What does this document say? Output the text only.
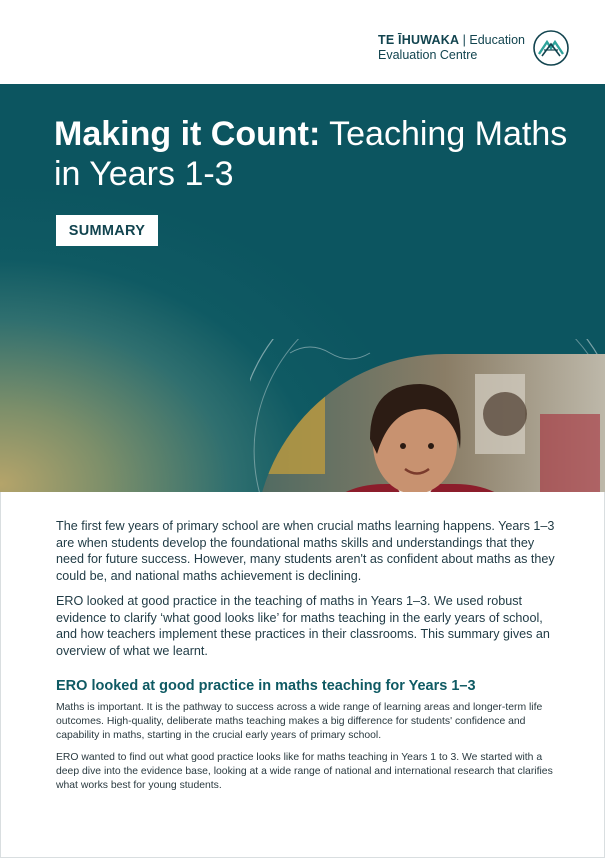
TE ĪHUWAKA | Education
Evaluation Centre
Making it Count: Teaching Maths in Years 1-3
SUMMARY

The first few years of primary school are when crucial maths learning happens. Years 1–3 are when students develop the foundational maths skills and understandings that they need for future success. However, many students aren't as confident about maths as they could be, and national maths achievement is declining.

ERO looked at good practice in the teaching of maths in Years 1–3. We used robust evidence to clarify ‘what good looks like’ for maths teaching in the early years of school, and how teachers implement these practices in their classrooms. This summary gives an overview of what we learnt.

ERO looked at good practice in maths teaching for Years 1–3

Maths is important. It is the pathway to success across a wide range of learning areas and longer-term life outcomes. High-quality, deliberate maths teaching makes a big difference for students' confidence and capability in maths, starting in the crucial early years of primary school.

ERO wanted to find out what good practice looks like for maths teaching in Years 1 to 3. We started with a deep dive into the evidence base, looking at a wide range of national and international research that clarifies what works best for young students.
